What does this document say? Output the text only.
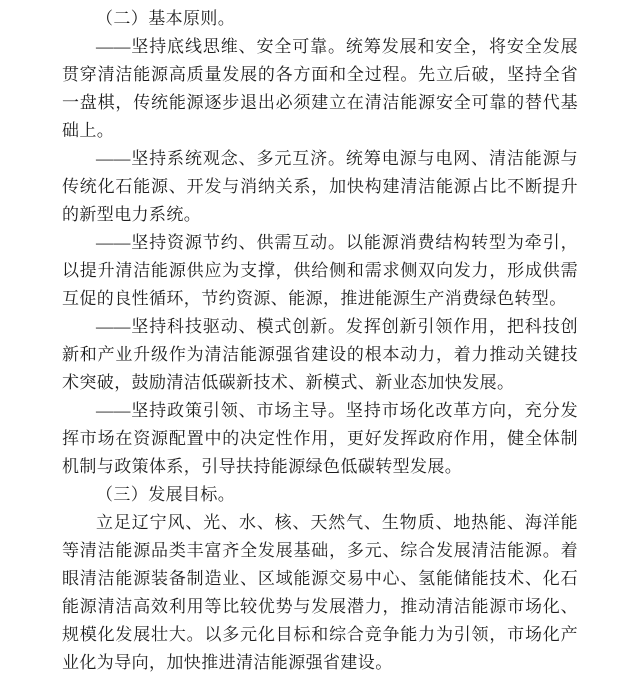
（二）基本原则。

——坚持底线思维、安全可靠。统筹发展和安全，将安全发展贯穿清洁能源高质量发展的各方面和全过程。先立后破，坚持全省一盘棋，传统能源逐步退出必须建立在清洁能源安全可靠的替代基础上。

——坚持系统观念、多元互济。统筹电源与电网、清洁能源与传统化石能源、开发与消纳关系，加快构建清洁能源占比不断提升的新型电力系统。

——坚持资源节约、供需互动。以能源消费结构转型为牵引，以提升清洁能源供应为支撑，供给侧和需求侧双向发力，形成供需互促的良性循环，节约资源、能源，推进能源生产消费绿色转型。

——坚持科技驱动、模式创新。发挥创新引领作用，把科技创新和产业升级作为清洁能源强省建设的根本动力，着力推动关键技术突破，鼓励清洁低碳新技术、新模式、新业态加快发展。

——坚持政策引领、市场主导。坚持市场化改革方向，充分发挥市场在资源配置中的决定性作用，更好发挥政府作用，健全体制机制与政策体系，引导扶持能源绿色低碳转型发展。

（三）发展目标。

立足辽宁风、光、水、核、天然气、生物质、地热能、海洋能等清洁能源品类丰富齐全发展基础，多元、综合发展清洁能源。着眼清洁能源装备制造业、区域能源交易中心、氢能储能技术、化石能源清洁高效利用等比较优势与发展潜力，推动清洁能源市场化、规模化发展壮大。以多元化目标和综合竞争能力为引领，市场化产业化为导向，加快推进清洁能源强省建设。
